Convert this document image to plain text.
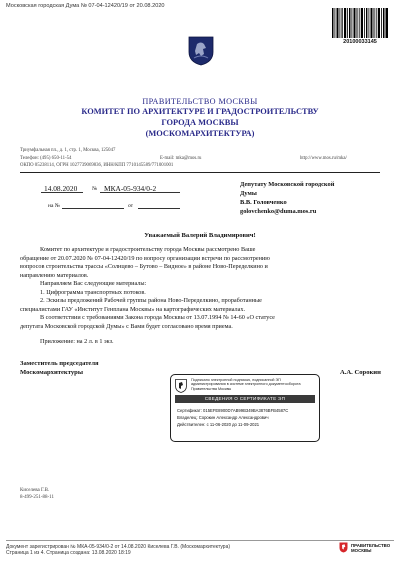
Московская городская Дума № 07-04-12420/19 от 20.08.2020
20100033145
ПРАВИТЕЛЬСТВО МОСКВЫ
КОМИТЕТ ПО АРХИТЕКТУРЕ И ГРАДОСТРОИТЕЛЬСТВУ
ГОРОДА МОСКВЫ
(МОСКОМАРХИТЕКТУРА)
Триумфальная пл., д. 1, стр. 1, Москва, 125047
Телефон: (495) 650-11-54	E-mail: mka@mos.ru	http://www.mos.ru/mka/
ОКПО 05238114, ОГРН 1027739069836, ИНН/КПП 7710145589/771001001
14.08.2020	№ МКА-05-934/0-2
на №	от
Депутату Московской городской
Думы
В.В. Головченко
golovchenko@duma.mos.ru
Уважаемый Валерий Владимирович!
Комитет по архитектуре и градостроительству города Москвы рассмотрено Ваше
обращение от 20.07.2020 № 07-04-12420/19 по вопросу организации встречи по рассмотрению
вопросов строительства трассы «Солнцево – Бутово – Видное» в районе Ново-Переделкино и
направлению материалов.
Направляем Вас следующие материалы:
1. Цифрограмма транспортных потоков.
2. Эскизы предложений Рабочей группы района Ново-Переделкино, проработанные
специалистами ГАУ «Институт Генплана Москвы» на картографических материалах.
В соответствии с требованиями Закона города Москвы от 13.07.1994 № 14-60 «О статусе
депутата Московской городской Думы» с Вами будет согласовано время приема.
Приложение: на 2 л. в 1 экз.
Заместитель председателя
Москомархитектуры	А.А. Сорокин
Подписано электронной подписью, подписанной ЭП
администрирования в системе электронного документооборота
Правительства Москвы
СВЕДЕНИЯ О СЕРТИФИКАТЕ ЭП
Сертификат: 015EFE8900D7AB99B349BA3876BFB4587C
Владелец: Сорокин Александр Александрович
Действителен: с 11-06-2020 до 11-09-2021
Киселева Г.В.
8-499-251-88-11
Документ зарегистрирован № МКА-05-934/0-2 от 14.08.2020 Киселева Г.В. (Москомархитектура)
Страница 1 из 4. Страница создана: 13.08.2020 18:19
ПРАВИТЕЛЬСТВО
МОСКВЫ
